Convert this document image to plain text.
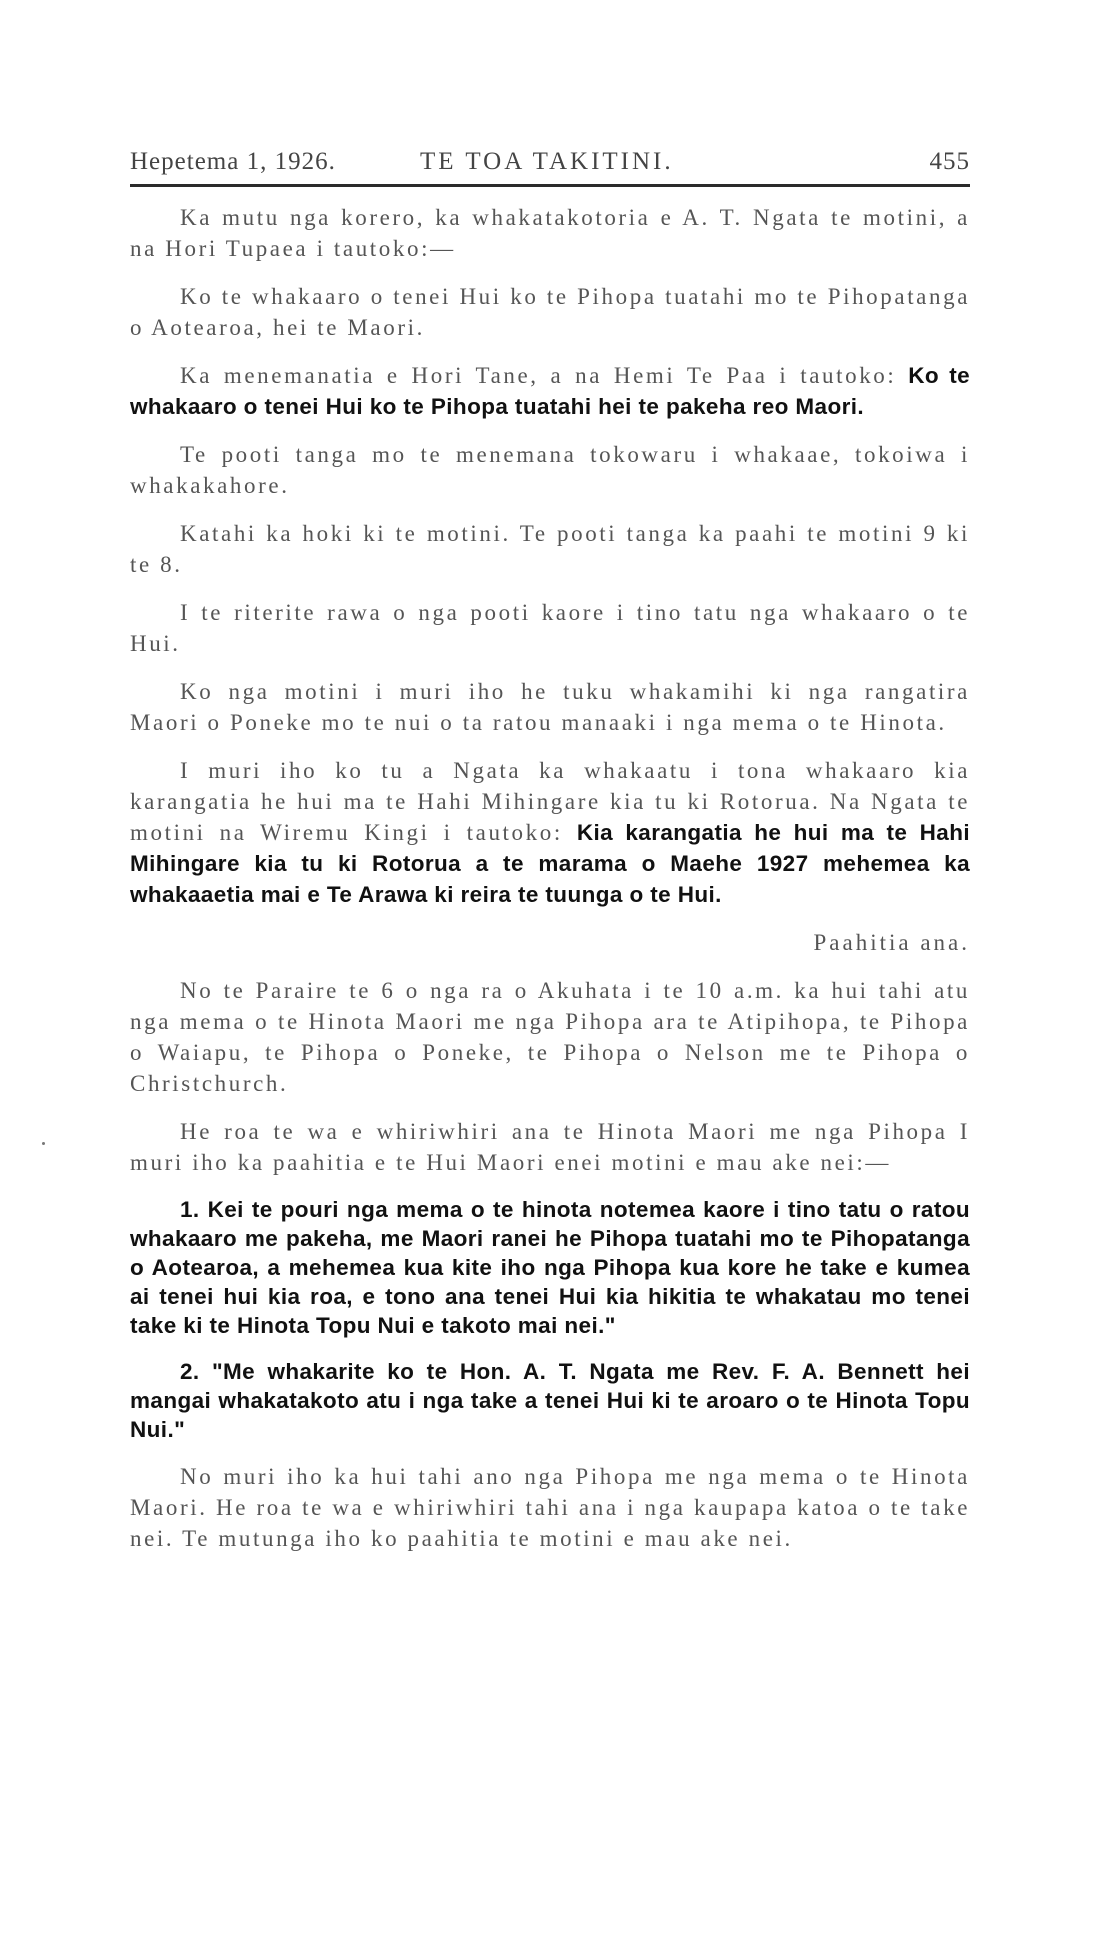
Hepetema 1, 1926.	TE TOA TAKITINI.	455

Ka mutu nga korero, ka whakatakotoria e A. T. Ngata te motini, a na Hori Tupaea i tautoko:—

Ko te whakaaro o tenei Hui ko te Pihopa tuatahi mo te Pihopatanga o Aotearoa, hei te Maori.

Ka menemanatia e Hori Tane, a na Hemi Te Paa i tautoko: Ko te whakaaro o tenei Hui ko te Pihopa tuatahi hei te pakeha reo Maori.

Te pooti tanga mo te menemana tokowaru i whakaae, tokoiwa i whakakahore.

Katahi ka hoki ki te motini. Te pooti tanga ka paahi te motini 9 ki te 8.

I te riterite rawa o nga pooti kaore i tino tatu nga whakaaro o te Hui.

Ko nga motini i muri iho he tuku whakamihi ki nga rangatira Maori o Poneke mo te nui o ta ratou manaaki i nga mema o te Hinota.

I muri iho ko tu a Ngata ka whakaatu i tona whakaaro kia karangatia he hui ma te Hahi Mihingare kia tu ki Rotorua. Na Ngata te motini na Wiremu Kingi i tautoko: Kia karangatia he hui ma te Hahi Mihingare kia tu ki Rotorua a te marama o Maehe 1927 mehemea ka whakaaetia mai e Te Arawa ki reira te tuunga o te Hui.

Paahitia ana.

No te Paraire te 6 o nga ra o Akuhata i te 10 a.m. ka hui tahi atu nga mema o te Hinota Maori me nga Pihopa ara te Atipihopa, te Pihopa o Waiapu, te Pihopa o Poneke, te Pihopa o Nelson me te Pihopa o Christchurch.

He roa te wa e whiriwhiri ana te Hinota Maori me nga Pihopa I muri iho ka paahitia e te Hui Maori enei motini e mau ake nei:—

1. Kei te pouri nga mema o te hinota notemea kaore i tino tatu o ratou whakaaro me pakeha, me Maori ranei he Pihopa tuatahi mo te Pihopatanga o Aotearoa, a mehemea kua kite iho nga Pihopa kua kore he take e kumea ai tenei hui kia roa, e tono ana tenei Hui kia hikitia te whakatau mo tenei take ki te Hinota Topu Nui e takoto mai nei."

2. "Me whakarite ko te Hon. A. T. Ngata me Rev. F. A. Bennett hei mangai whakatakoto atu i nga take a tenei Hui ki te aroaro o te Hinota Topu Nui."

No muri iho ka hui tahi ano nga Pihopa me nga mema o te Hinota Maori. He roa te wa e whiriwhiri tahi ana i nga kaupapa katoa o te take nei. Te mutunga iho ko paahitia te motini e mau ake nei.
